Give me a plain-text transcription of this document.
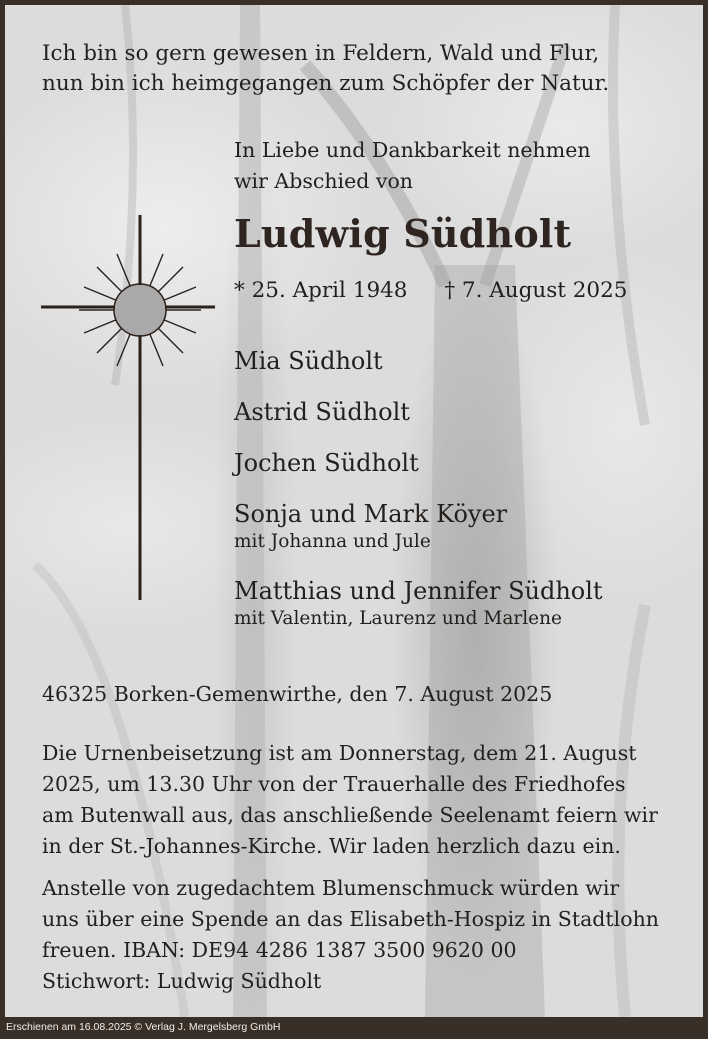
Ich bin so gern gewesen in Feldern, Wald und Flur,
nun bin ich heimgegangen zum Schöpfer der Natur.
In Liebe und Dankbarkeit nehmen
wir Abschied von
Ludwig Südholt
* 25. April 1948 † 7. August 2025
Mia Südholt
Astrid Südholt
Jochen Südholt
Sonja und Mark Köyer
mit Johanna und Jule
Matthias und Jennifer Südholt
mit Valentin, Laurenz und Marlene
46325 Borken-Gemenwirthe, den 7. August 2025
Die Urnenbeisetzung ist am Donnerstag, dem 21. August
2025, um 13.30 Uhr von der Trauerhalle des Friedhofes
am Butenwall aus, das anschließende Seelenamt feiern wir
in der St.-Johannes-Kirche. Wir laden herzlich dazu ein.
Anstelle von zugedachtem Blumenschmuck würden wir
uns über eine Spende an das Elisabeth-Hospiz in Stadtlohn
freuen. IBAN: DE94 4286 1387 3500 9620 00
Stichwort: Ludwig Südholt
Erschienen am 16.08.2025 © Verlag J. Mergelsberg GmbH
